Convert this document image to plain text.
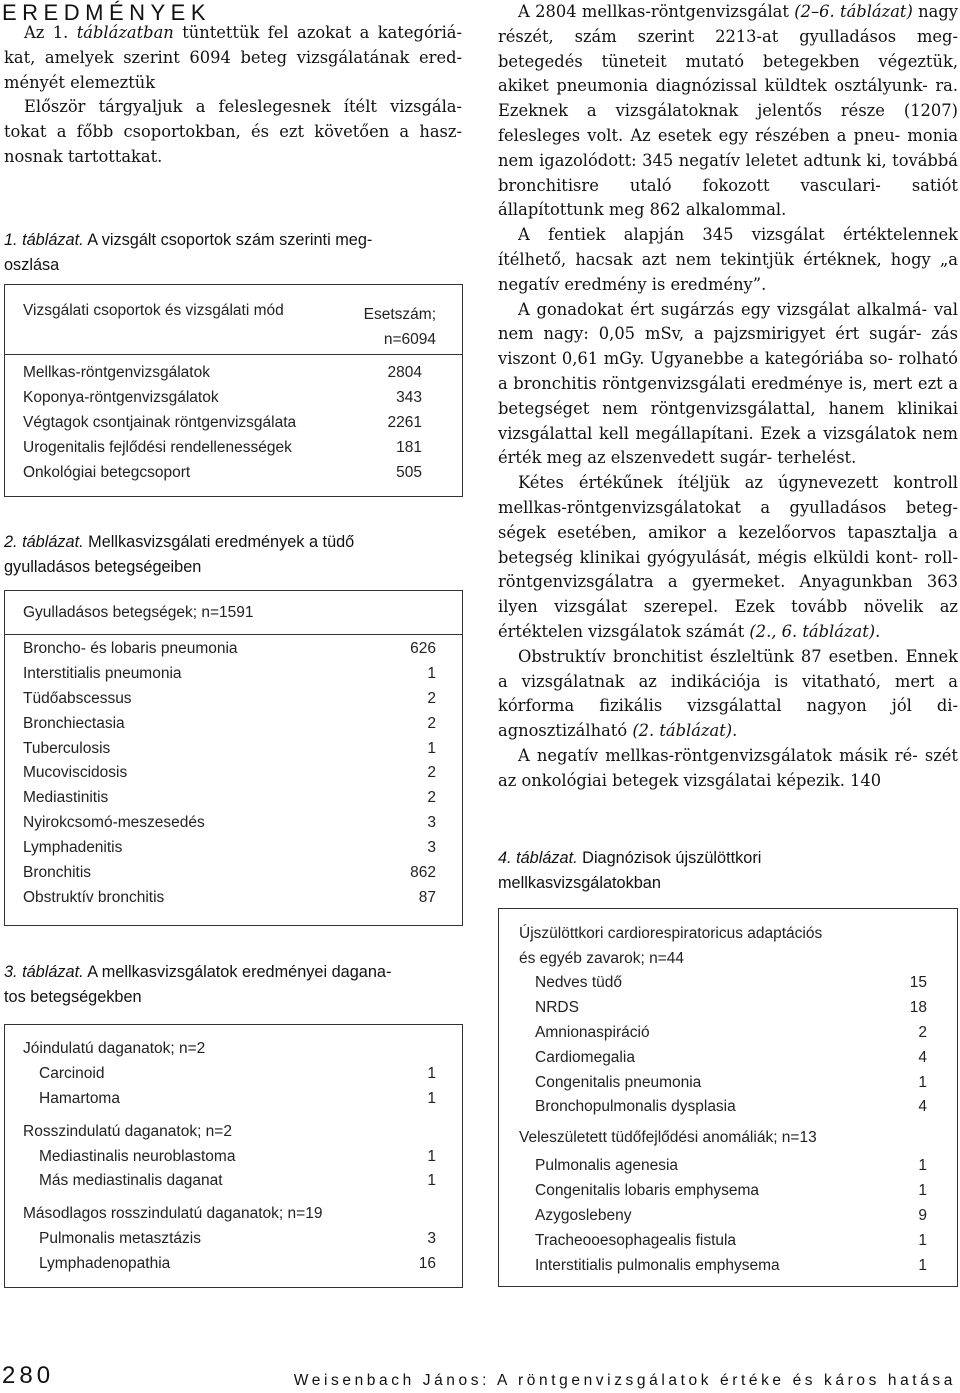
EREDMÉNYEK

Az 1. táblázatban tüntettük fel azokat a kategóriá- kat, amelyek szerint 6094 beteg vizsgálatának ered- ményét elemeztük

Először tárgyaljuk a feleslegesnek ítélt vizsgála- tokat a főbb csoportokban, és ezt követően a hasz- nosnak tartottakat.

1. táblázat. A vizsgált csoportok szám szerinti meg-
oszlása
Vizsgálati csoportok és vizsgálati mód	Esetszám;
n=6094
Mellkas-röntgenvizsgálatok	2804
Koponya-röntgenvizsgálatok	343
Végtagok csontjainak röntgenvizsgálata	2261
Urogenitalis fejlődési rendellenességek	181
Onkológiai betegcsoport	505
2. táblázat. Mellkasvizsgálati eredmények a tüdő
gyulladásos betegségeiben
Gyulladásos betegségek; n=1591
Broncho- és lobaris pneumonia	626
Interstitialis pneumonia	1
Tüdőabscessus	2
Bronchiectasia	2
Tuberculosis	1
Mucoviscidosis	2
Mediastinitis	2
Nyirokcsomó-meszesedés	3
Lymphadenitis	3
Bronchitis	862
Obstruktív bronchitis	87
3. táblázat. A mellkasvizsgálatok eredményei dagana-
tos betegségekben
Jóindulatú daganatok; n=2
Carcinoid	1
Hamartoma	1
Rosszindulatú daganatok; n=2
Mediastinalis neuroblastoma	1
Más mediastinalis daganat	1
Másodlagos rosszindulatú daganatok; n=19
Pulmonalis metasztázis	3
Lymphadenopathia	16

A 2804 mellkas-röntgenvizsgálat (2–6. táblázat) nagy részét, szám szerint 2213-at gyulladásos meg- betegedés tüneteit mutató betegekben végeztük, akiket pneumonia diagnózissal küldtek osztályunk- ra. Ezeknek a vizsgálatoknak jelentős része (1207) felesleges volt. Az esetek egy részében a pneu- monia nem igazolódott: 345 negatív leletet adtunk ki, továbbá bronchitisre utaló fokozott vasculari- satiót állapítottunk meg 862 alkalommal.

A fentiek alapján 345 vizsgálat értéktelennek ítélhető, hacsak azt nem tekintjük értéknek, hogy „a negatív eredmény is eredmény”.

A gonadokat ért sugárzás egy vizsgálat alkalmá- val nem nagy: 0,05 mSv, a pajzsmirigyet ért sugár- zás viszont 0,61 mGy. Ugyanebbe a kategóriába so- rolható a bronchitis röntgenvizsgálati eredménye is, mert ezt a betegséget nem röntgenvizsgálattal, hanem klinikai vizsgálattal kell megállapítani. Ezek a vizsgálatok nem érték meg az elszenvedett sugár- terhelést.

Kétes értékűnek ítéljük az úgynevezett kontroll mellkas-röntgenvizsgálatokat a gyulladásos beteg- ségek esetében, amikor a kezelőorvos tapasztalja a betegség klinikai gyógyulását, mégis elküldi kont- roll-röntgenvizsgálatra a gyermeket. Anyagunkban 363 ilyen vizsgálat szerepel. Ezek tovább növelik az értéktelen vizsgálatok számát (2., 6. táblázat).

Obstruktív bronchitist észleltünk 87 esetben. Ennek a vizsgálatnak az indikációja is vitatható, mert a kórforma fizikális vizsgálattal nagyon jól di- agnosztizálható (2. táblázat).

A negatív mellkas-röntgenvizsgálatok másik ré- szét az onkológiai betegek vizsgálatai képezik. 140

4. táblázat. Diagnózisok újszülöttkori
mellkasvizsgálatokban
Újszülöttkori cardiorespiratoricus adaptációs
és egyéb zavarok; n=44
Nedves tüdő	15
NRDS	18
Amnionaspiráció	2
Cardiomegalia	4
Congenitalis pneumonia	1
Bronchopulmonalis dysplasia	4
Veleszületett tüdőfejlődési anomáliák; n=13
Pulmonalis agenesia	1
Congenitalis lobaris emphysema	1
Azygoslebeny	9
Tracheooesophagealis fistula	1
Interstitialis pulmonalis emphysema	1
280	Weisenbach János: A röntgenvizsgálatok értéke és káros hatása
